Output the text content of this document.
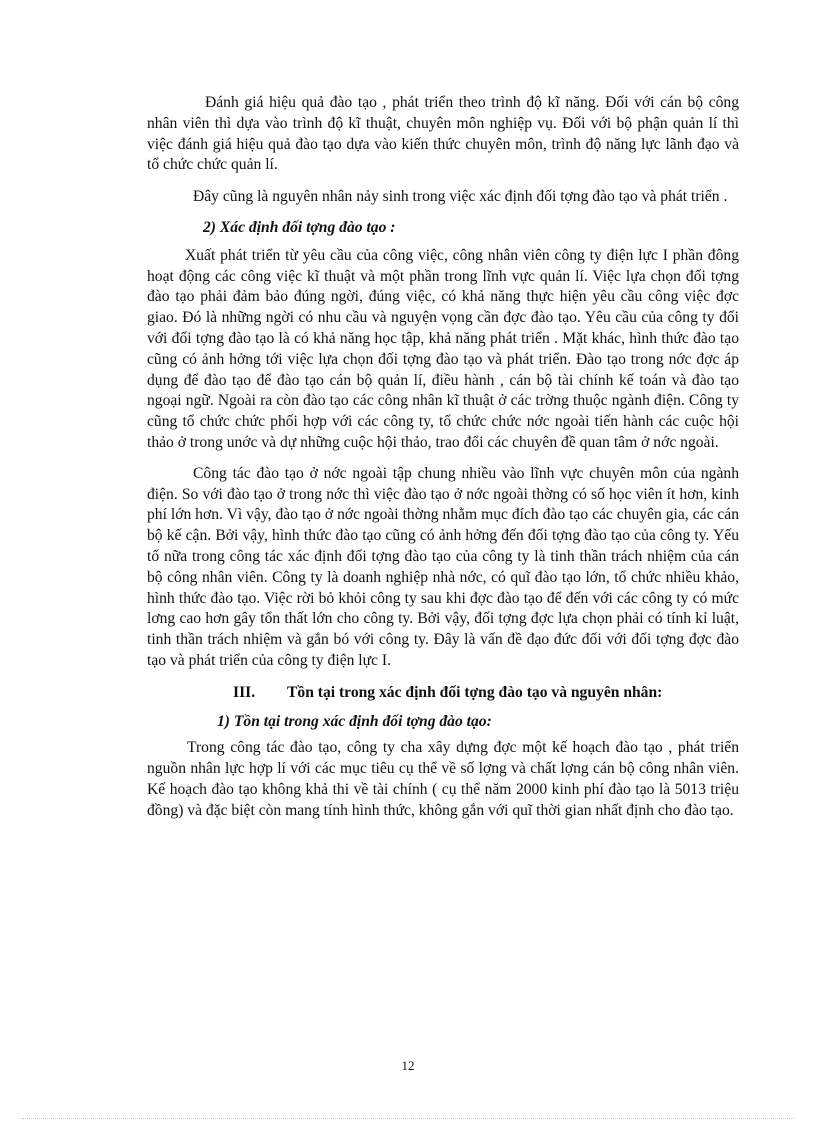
Đánh giá hiệu quả đào tạo , phát triển theo trình độ kĩ năng. Đối với cán bộ công nhân viên thì dựa vào trình độ kĩ thuật, chuyên môn nghiệp vụ. Đối với bộ phận quản lí thì việc đánh giá hiệu quả đào tạo dựa vào kiến thức chuyên môn, trình độ năng lực lãnh đạo và tổ chức chức quản lí.

Đây cũng là nguyên nhân nảy sinh trong việc xác định đối tợng đào tạo và phát triển .

2) Xác định đối tợng đào tạo :

Xuất phát triển từ yêu cầu của công việc, công nhân viên công ty điện lực I phần đông hoạt động các công việc kĩ thuật và một phần trong lĩnh vực quản lí. Việc lựa chọn đối tợng đào tạo phải đảm bảo đúng ngời, đúng việc, có khả năng thực hiện yêu cầu công việc đợc giao. Đó là những ngời có nhu cầu và nguyện vọng cần đợc đào tạo. Yêu cầu của công ty đối với đối tợng đào tạo là có khả năng học tập, khả năng phát triển . Mặt khác, hình thức đào tạo cũng có ảnh hởng tới việc lựa chọn đối tợng đào tạo và phát triển. Đào tạo trong nớc đợc áp dụng để đào tạo để đào tạo cán bộ quản lí, điều hành , cán bộ tài chính kế toán và đào tạo ngoại ngữ. Ngoài ra còn đào tạo các công nhân kĩ thuật ở các trờng thuộc ngành điện. Công ty cũng tổ chức chức phối hợp với các công ty, tổ chức chức nớc ngoài tiến hành các cuộc hội thảo ở trong unớc và dự những cuộc hội thảo, trao đổi các chuyên đề quan tâm ở nớc ngoài.

Công tác đào tạo ở nớc ngoài tập chung nhiều vào lĩnh vực chuyên môn của ngành điện. So với đào tạo ở trong nớc thì việc đào tạo ở nớc ngoài thờng có số học viên ít hơn, kinh phí lớn hơn. Vì vậy, đào tạo ở nớc ngoài thờng nhằm mục đích đào tạo các chuyên gia, các cán bộ kế cận. Bởi vậy, hình thức đào tạo cũng có ảnh hởng đến đối tợng đào tạo của công ty. Yếu tố nữa trong công tác xác định đối tợng đào tạo của công ty là tinh thần trách nhiệm của cán bộ công nhân viên. Công ty là doanh nghiệp nhà nớc, có quĩ đào tạo lớn, tổ chức nhiều khảo, hình thức đào tạo. Việc rời bỏ khỏi công ty sau khi đợc đào tạo để đến với các công ty có mức lơng cao hơn gây tổn thất lớn cho công ty. Bởi vậy, đối tợng đợc lựa chọn phải có tính kỉ luật, tinh thần trách nhiệm và gắn bó với công ty. Đây là vấn đề đạo đức đối với đối tợng đợc đào tạo và phát triển của công ty điện lực I.

III.	Tồn tại trong xác định đối tợng đào tạo và nguyên nhân:

1) Tồn tại trong xác định đối tợng đào tạo:

Trong công tác đào tạo, công ty cha xây dựng đợc một kế hoạch đào tạo , phát triển nguồn nhân lực hợp lí với các mục tiêu cụ thể về số lợng và chất lợng cán bộ công nhân viên. Kế hoạch đào tạo không khả thi về tài chính ( cụ thể năm 2000 kinh phí đào tạo là 5013 triệu đồng) và đặc biệt còn mang tính hình thức, không gắn với quĩ thời gian nhất định cho đào tạo.

12
